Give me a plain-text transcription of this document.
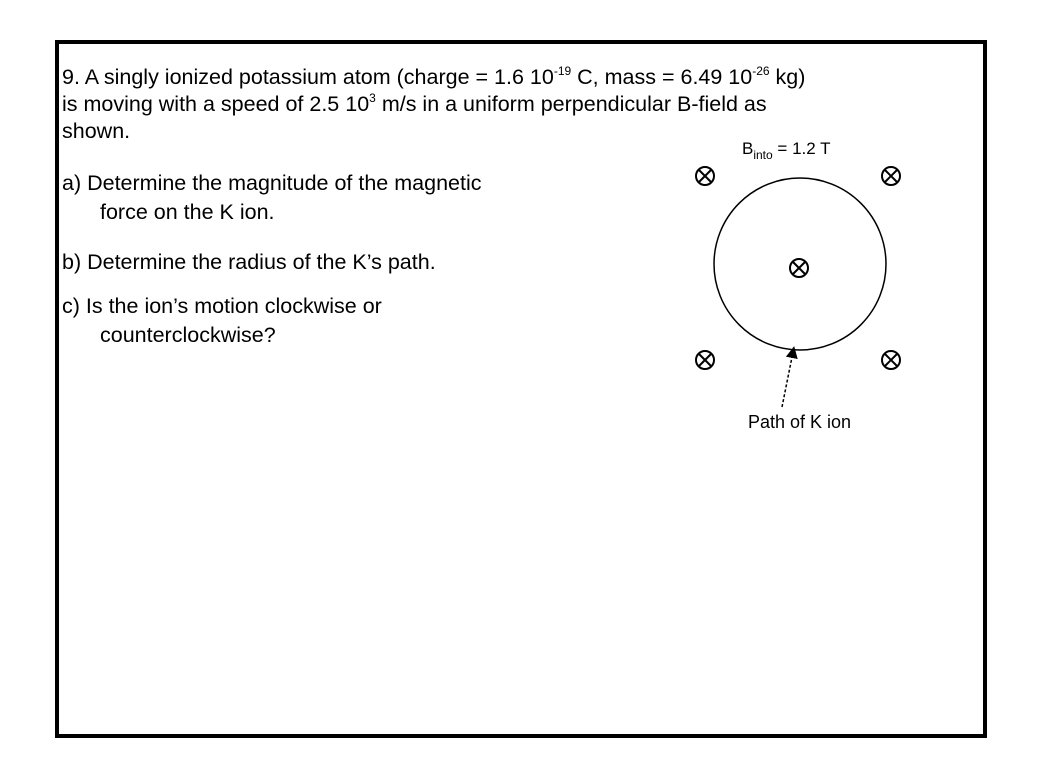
9. A singly ionized potassium atom (charge = 1.6 $10^{-19}$ C, mass = 6.49 $10^{-26}$ kg)
is moving with a speed of 2.5 $10^3$ m/s in a uniform perpendicular B-field as
shown.

a) Determine the magnitude of the magnetic
force on the K ion.
b) Determine the radius of the K’s path.
c) Is the ion’s motion clockwise or
counterclockwise?
$B_{into} = 1.2$ T
Path of K ion
